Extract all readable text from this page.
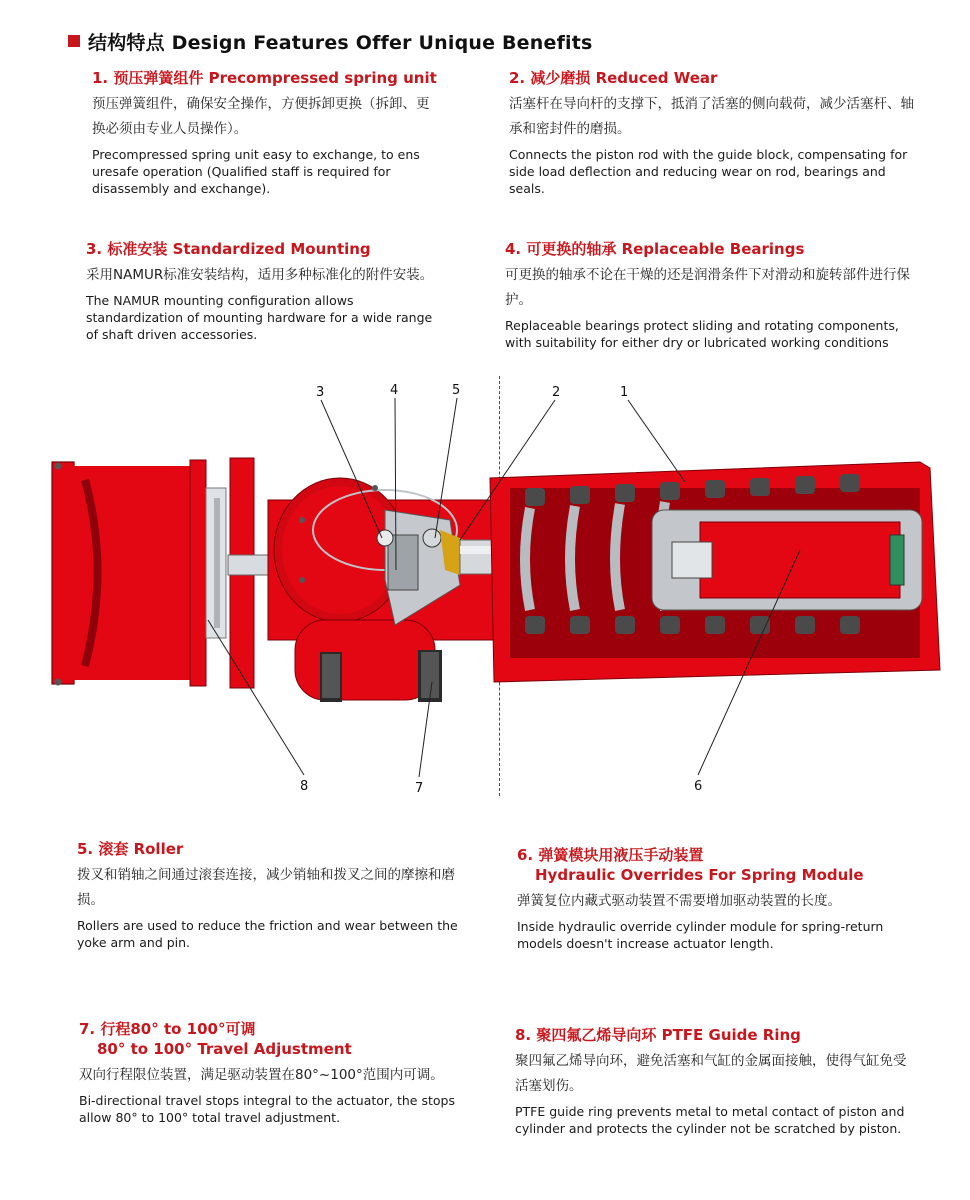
结构特点 Design Features Offer Unique Benefits
1. 预压弹簧组件 Precompressed spring unit
预压弹簧组件，确保安全操作，方便拆卸更换（拆卸、更换必须由专业人员操作）。
Precompressed spring unit easy to exchange, to ens uresafe operation (Qualified staff is required for disassembly and exchange).
2. 减少磨损 Reduced Wear
活塞杆在导向杆的支撑下，抵消了活塞的侧向载荷，减少活塞杆、轴承和密封件的磨损。
Connects the piston rod with the guide block, compensating for side load deflection and reducing wear on rod, bearings and seals.
3. 标准安装 Standardized Mounting
采用NAMUR标准安装结构，适用多种标准化的附件安装。
The NAMUR mounting configuration allows standardization of mounting hardware for a wide range of shaft driven accessories.
4. 可更换的轴承 Replaceable Bearings
可更换的轴承不论在干燥的还是润滑条件下对滑动和旋转部件进行保护。
Replaceable bearings protect sliding and rotating components, with suitability for either dry or lubricated working conditions
3	4	5	2	1
6
7
8
5. 滚套 Roller
拨叉和销轴之间通过滚套连接，减少销轴和拨叉之间的摩擦和磨损。
Rollers are used to reduce the friction and wear between the yoke arm and pin.
6. 弹簧模块用液压手动装置
Hydraulic Overrides For Spring Module
弹簧复位内藏式驱动装置不需要增加驱动装置的长度。
Inside hydraulic override cylinder module for spring-return models doesn't increase actuator length.
7. 行程80° to 100°可调
80° to 100° Travel Adjustment
双向行程限位装置，满足驱动装置在80°~100°范围内可调。
Bi-directional travel stops integral to the actuator, the stops allow 80° to 100° total travel adjustment.
8. 聚四氟乙烯导向环 PTFE Guide Ring
聚四氟乙烯导向环，避免活塞和气缸的金属面接触，使得气缸免受活塞划伤。
PTFE guide ring prevents metal to metal contact of piston and cylinder and protects the cylinder not be scratched by piston.
